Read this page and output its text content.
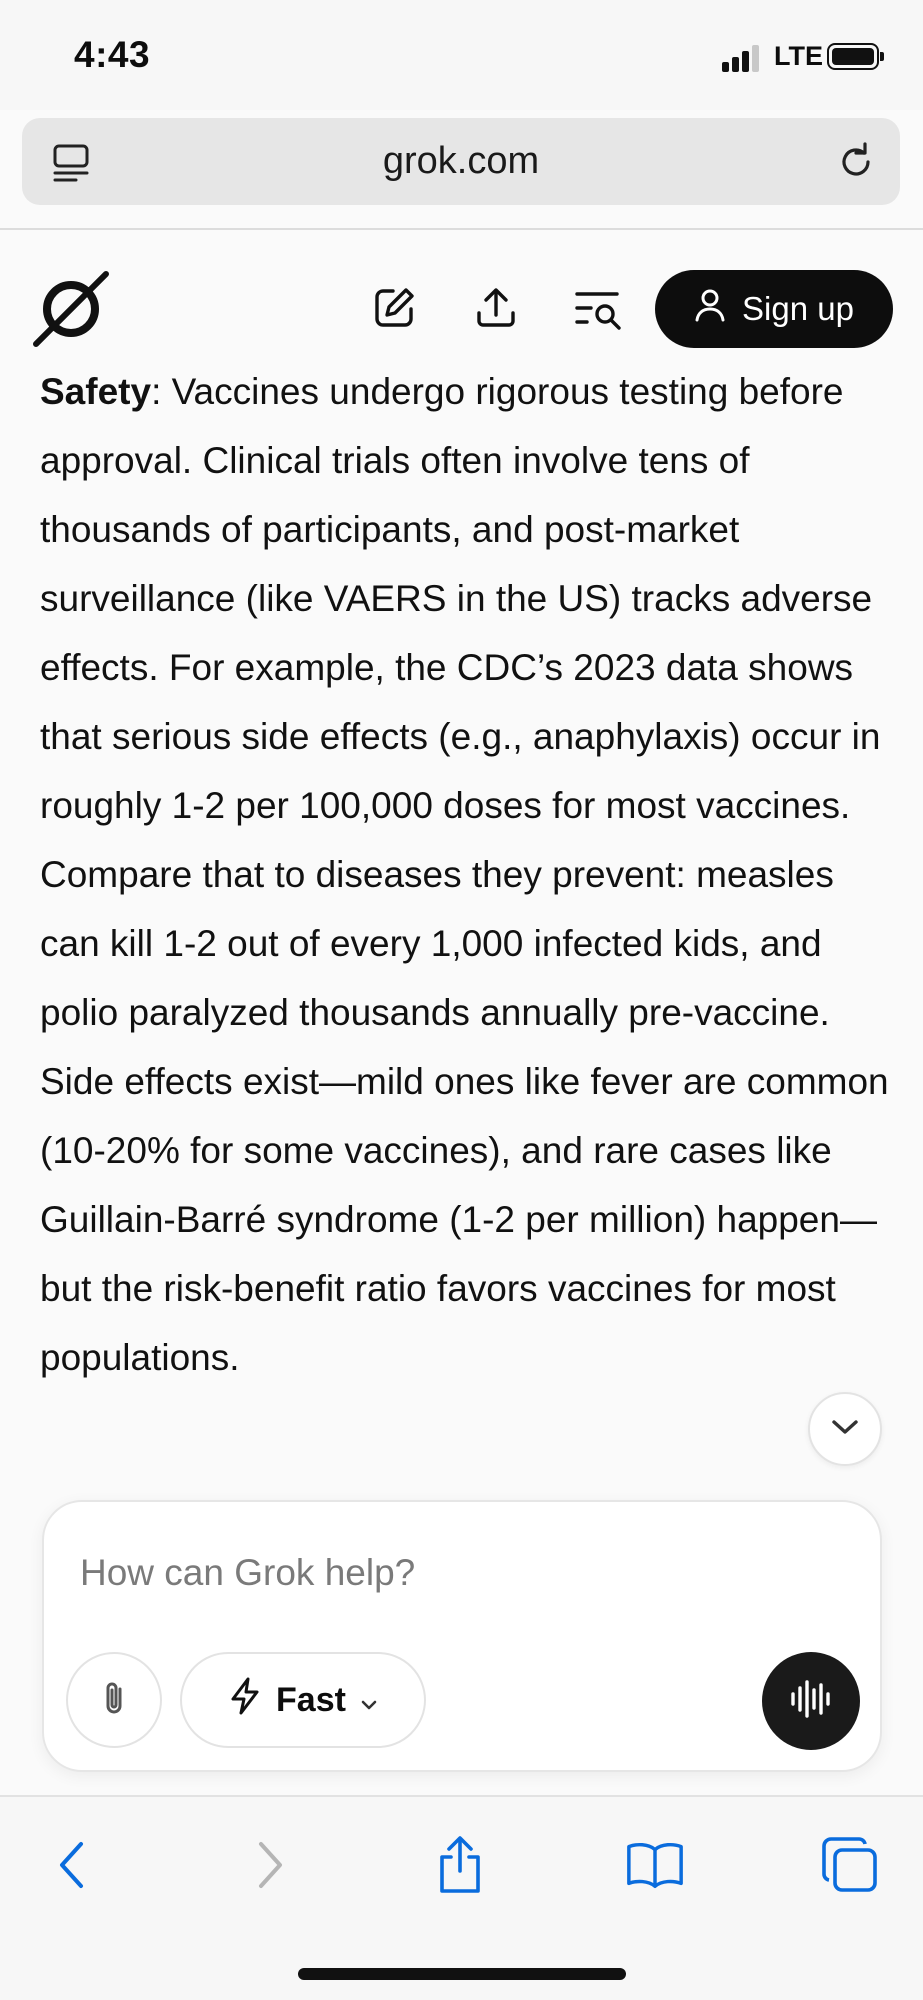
4:43	LTE
grok.com
Sign up
Safety: Vaccines undergo rigorous testing before approval. Clinical trials often involve tens of thousands of participants, and post-market surveillance (like VAERS in the US) tracks adverse effects. For example, the CDC’s 2023 data shows that serious side effects (e.g., anaphylaxis) occur in roughly 1-2 per 100,000 doses for most vaccines. Compare that to diseases they prevent: measles can kill 1-2 out of every 1,000 infected kids, and polio paralyzed thousands annually pre-vaccine. Side effects exist—mild ones like fever are common (10-20% for some vaccines), and rare cases like Guillain-Barré syndrome (1-2 per million) happen—but the risk-benefit ratio favors vaccines for most populations.
How can Grok help?
Fast
